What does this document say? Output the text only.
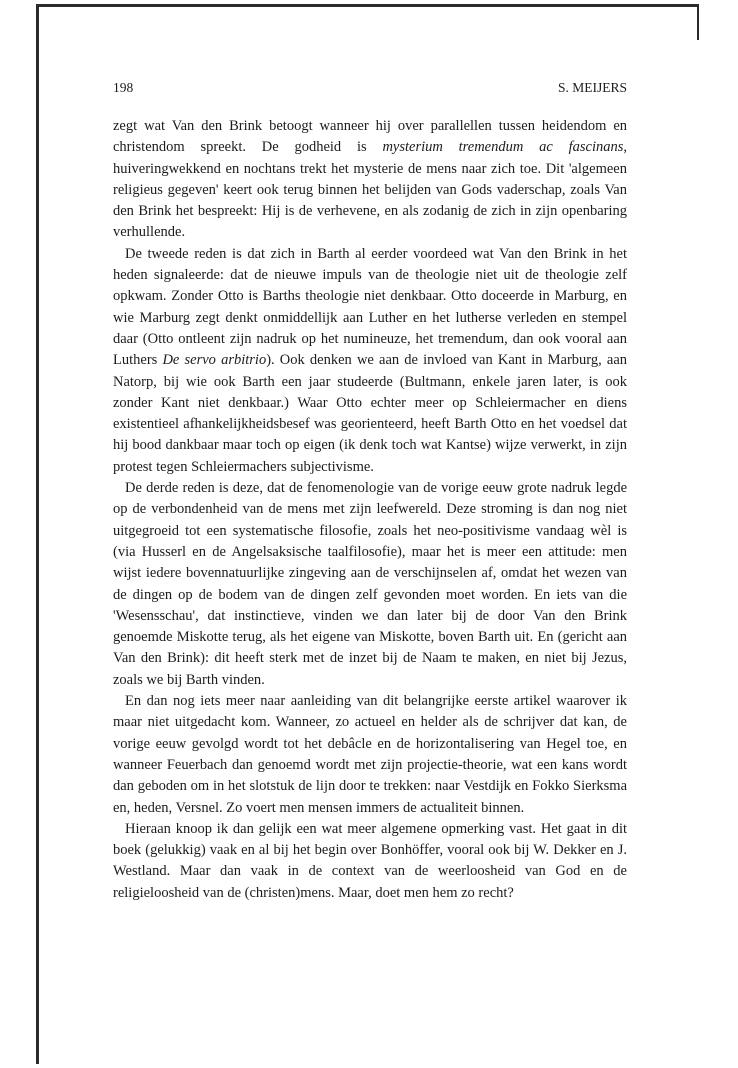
198	S. MEIJERS

zegt wat Van den Brink betoogt wanneer hij over parallellen tussen heidendom en christendom spreekt. De godheid is mysterium tremendum ac fascinans, huiveringwekkend en nochtans trekt het mysterie de mens naar zich toe. Dit 'algemeen religieus gegeven' keert ook terug binnen het belijden van Gods vaderschap, zoals Van den Brink het bespreekt: Hij is de verhevene, en als zodanig de zich in zijn openbaring verhullende.

De tweede reden is dat zich in Barth al eerder voordeed wat Van den Brink in het heden signaleerde: dat de nieuwe impuls van de theologie niet uit de theologie zelf opkwam. Zonder Otto is Barths theologie niet denkbaar. Otto doceerde in Marburg, en wie Marburg zegt denkt onmiddellijk aan Luther en het lutherse verleden en stempel daar (Otto ontleent zijn nadruk op het numineuze, het tremendum, dan ook vooral aan Luthers De servo arbitrio). Ook denken we aan de invloed van Kant in Marburg, aan Natorp, bij wie ook Barth een jaar studeerde (Bultmann, enkele jaren later, is ook zonder Kant niet denkbaar.) Waar Otto echter meer op Schleiermacher en diens existentieel afhankelijkheidsbesef was georienteerd, heeft Barth Otto en het voedsel dat hij bood dankbaar maar toch op eigen (ik denk toch wat Kantse) wijze verwerkt, in zijn protest tegen Schleiermachers subjectivisme.

De derde reden is deze, dat de fenomenologie van de vorige eeuw grote nadruk legde op de verbondenheid van de mens met zijn leefwereld. Deze stroming is dan nog niet uitgegroeid tot een systematische filosofie, zoals het neo-positivisme vandaag wèl is (via Husserl en de Angelsaksische taalfilosofie), maar het is meer een attitude: men wijst iedere bovennatuurlijke zingeving aan de verschijnselen af, omdat het wezen van de dingen op de bodem van de dingen zelf gevonden moet worden. En iets van die 'Wesensschau', dat instinctieve, vinden we dan later bij de door Van den Brink genoemde Miskotte terug, als het eigene van Miskotte, boven Barth uit. En (gericht aan Van den Brink): dit heeft sterk met de inzet bij de Naam te maken, en niet bij Jezus, zoals we bij Barth vinden.

En dan nog iets meer naar aanleiding van dit belangrijke eerste artikel waarover ik maar niet uitgedacht kom. Wanneer, zo actueel en helder als de schrijver dat kan, de vorige eeuw gevolgd wordt tot het debâcle en de horizontalisering van Hegel toe, en wanneer Feuerbach dan genoemd wordt met zijn projectie-theorie, wat een kans wordt dan geboden om in het slotstuk de lijn door te trekken: naar Vestdijk en Fokko Sierksma en, heden, Versnel. Zo voert men mensen immers de actualiteit binnen.

Hieraan knoop ik dan gelijk een wat meer algemene opmerking vast. Het gaat in dit boek (gelukkig) vaak en al bij het begin over Bonhöffer, vooral ook bij W. Dekker en J. Westland. Maar dan vaak in de context van de weerloosheid van God en de religieloosheid van de (christen)mens. Maar, doet men hem zo recht?
